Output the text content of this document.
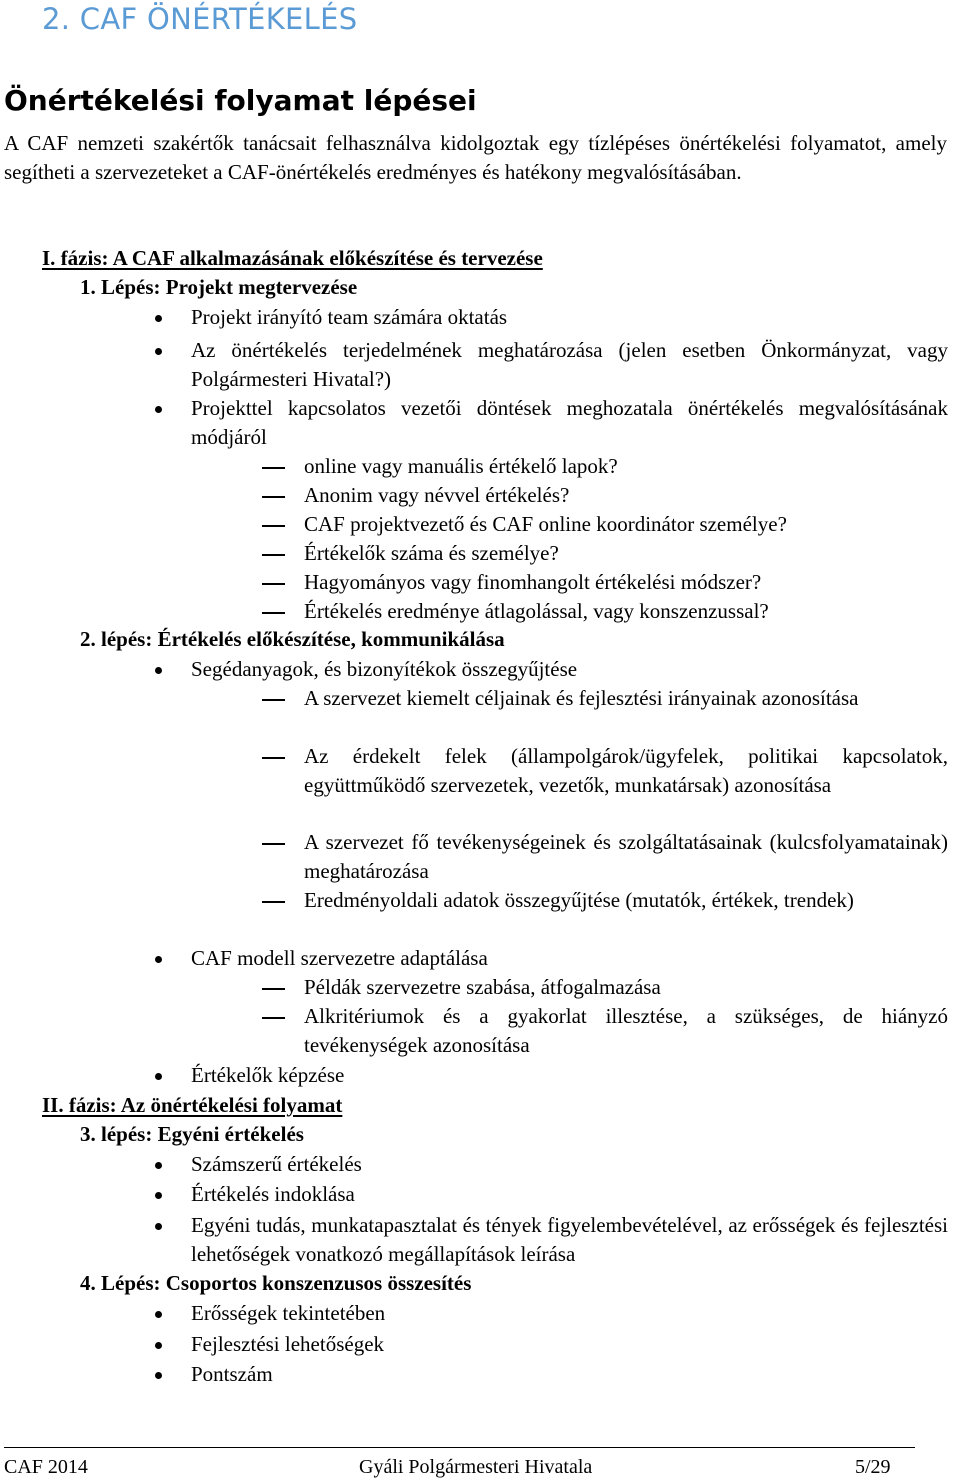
2. CAF ÖNÉRTÉKELÉS
Önértékelési folyamat lépései
A CAF nemzeti szakértők tanácsait felhasználva kidolgoztak egy tízlépéses önértékelési folyamatot, amely segítheti a szervezeteket a CAF-önértékelés eredményes és hatékony megvalósításában.
I. fázis: A CAF alkalmazásának előkészítése és tervezése
1. Lépés: Projekt megtervezése
Projekt irányító team számára oktatás
Az önértékelés terjedelmének meghatározása (jelen esetben Önkormányzat, vagy Polgármesteri Hivatal?)
Projekttel kapcsolatos vezetői döntések meghozatala önértékelés megvalósításának módjáról
online vagy manuális értékelő lapok?
Anonim vagy névvel értékelés?
CAF projektvezető és CAF online koordinátor személye?
Értékelők száma és személye?
Hagyományos vagy finomhangolt értékelési módszer?
Értékelés eredménye átlagolással, vagy konszenzussal?
2. lépés: Értékelés előkészítése, kommunikálása
Segédanyagok, és bizonyítékok összegyűjtése
A szervezet kiemelt céljainak és fejlesztési irányainak azonosítása
Az érdekelt felek (állampolgárok/ügyfelek, politikai kapcsolatok, együttműködő szervezetek, vezetők, munkatársak) azonosítása
A szervezet fő tevékenységeinek és szolgáltatásainak (kulcsfolyamatainak) meghatározása
Eredményoldali adatok összegyűjtése (mutatók, értékek, trendek)
CAF modell szervezetre adaptálása
Példák szervezetre szabása, átfogalmazása
Alkritériumok és a gyakorlat illesztése, a szükséges, de hiányzó tevékenységek azonosítása
Értékelők képzése
II. fázis: Az önértékelési folyamat
3. lépés: Egyéni értékelés
Számszerű értékelés
Értékelés indoklása
Egyéni tudás, munkatapasztalat és tények figyelembevételével, az erősségek és fejlesztési lehetőségek vonatkozó megállapítások leírása
4. Lépés: Csoportos konszenzusos összesítés
Erősségek tekintetében
Fejlesztési lehetőségek
Pontszám
CAF 2014	Gyáli Polgármesteri Hivatala	5/29
